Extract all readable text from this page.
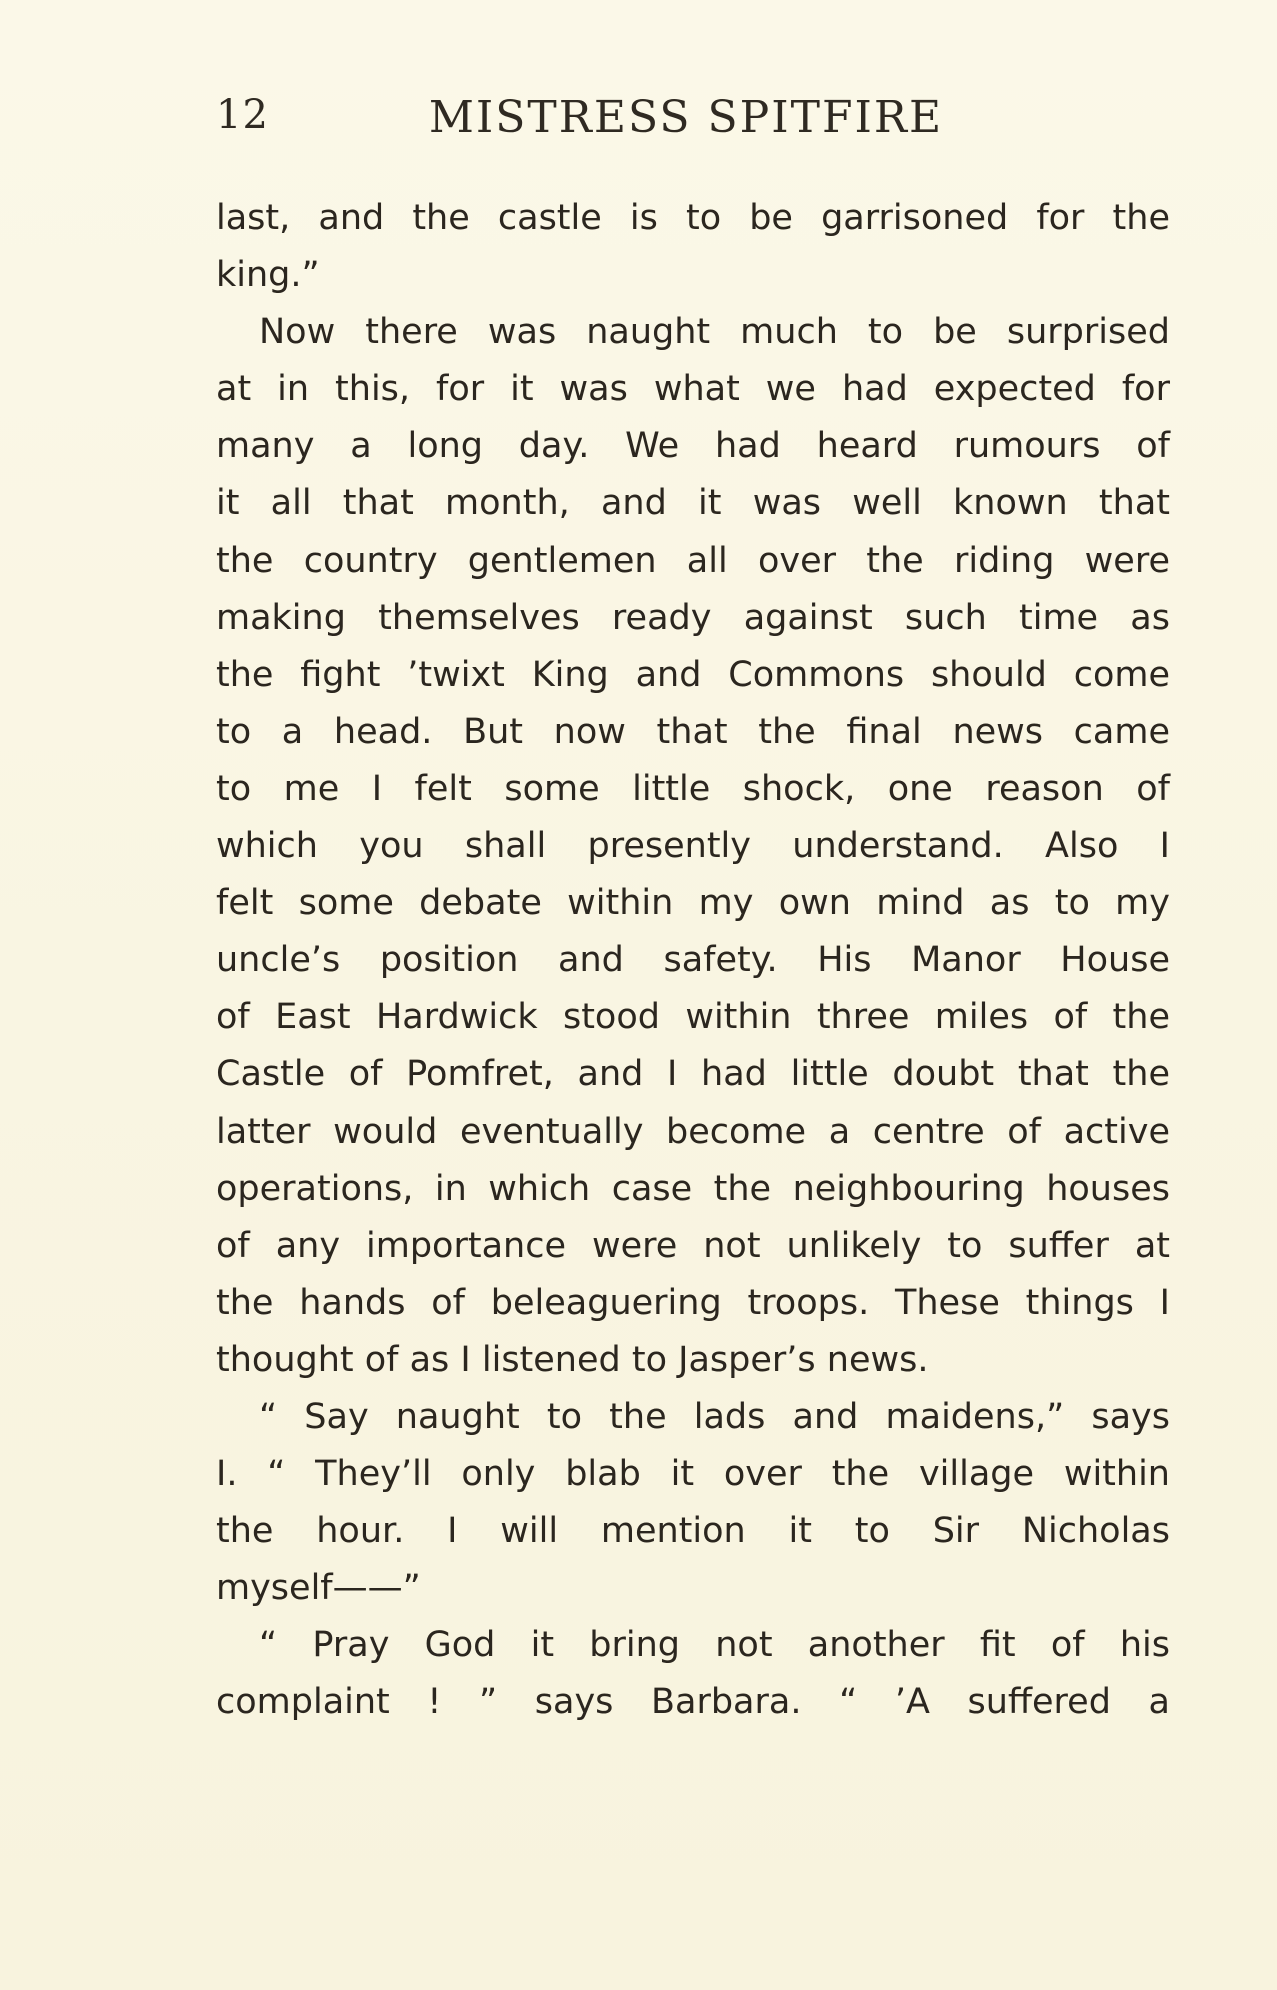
12	MISTRESS SPITFIRE
last, and the castle is to be garrisoned for the
king.”
Now there was naught much to be surprised
at in this, for it was what we had expected for
many a long day. We had heard rumours of
it all that month, and it was well known that
the country gentlemen all over the riding were
making themselves ready against such time as
the fight ’twixt King and Commons should come
to a head. But now that the final news came
to me I felt some little shock, one reason of
which you shall presently understand. Also I
felt some debate within my own mind as to my
uncle’s position and safety. His Manor House
of East Hardwick stood within three miles of the
Castle of Pomfret, and I had little doubt that the
latter would eventually become a centre of active
operations, in which case the neighbouring houses
of any importance were not unlikely to suffer at
the hands of beleaguering troops. These things I
thought of as I listened to Jasper’s news.
“ Say naught to the lads and maidens,” says
I. “ They’ll only blab it over the village within
the hour. I will mention it to Sir Nicholas
myself——”
“ Pray God it bring not another fit of his
complaint ! ” says Barbara. “ ’A suffered a
